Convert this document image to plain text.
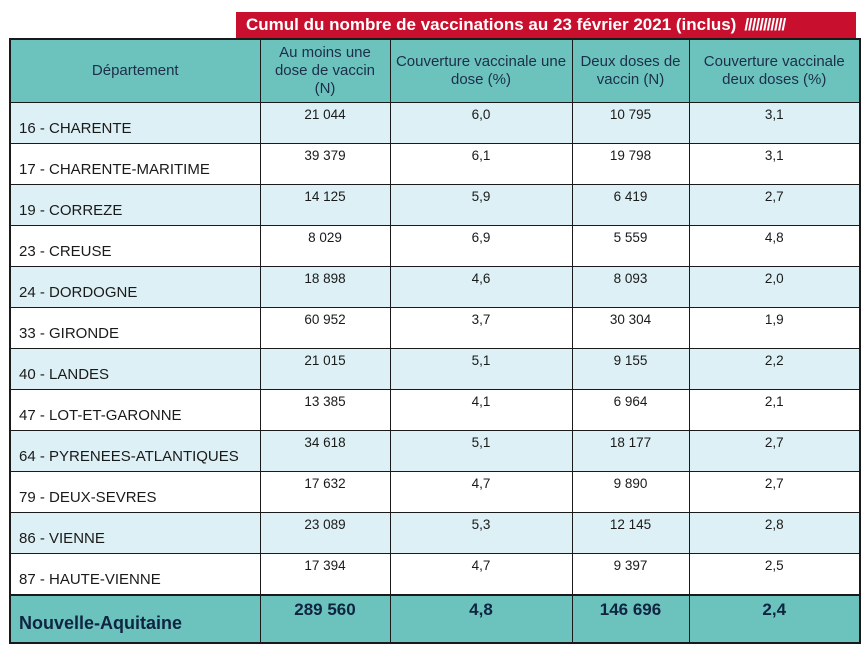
Cumul du nombre de vaccinations au 23 février 2021 (inclus) ///////////
Département	Au moins une dose de vaccin (N)	Couverture vaccinale une dose (%)	Deux doses de vaccin (N)	Couverture vaccinale deux doses (%)
16 - CHARENTE	21 044	6,0	10 795	3,1
17 - CHARENTE-MARITIME	39 379	6,1	19 798	3,1
19 - CORREZE	14 125	5,9	6 419	2,7
23 - CREUSE	8 029	6,9	5 559	4,8
24 - DORDOGNE	18 898	4,6	8 093	2,0
33 - GIRONDE	60 952	3,7	30 304	1,9
40 - LANDES	21 015	5,1	9 155	2,2
47 - LOT-ET-GARONNE	13 385	4,1	6 964	2,1
64 - PYRENEES-ATLANTIQUES	34 618	5,1	18 177	2,7
79 - DEUX-SEVRES	17 632	4,7	9 890	2,7
86 - VIENNE	23 089	5,3	12 145	2,8
87 - HAUTE-VIENNE	17 394	4,7	9 397	2,5
Nouvelle-Aquitaine	289 560	4,8	146 696	2,4
